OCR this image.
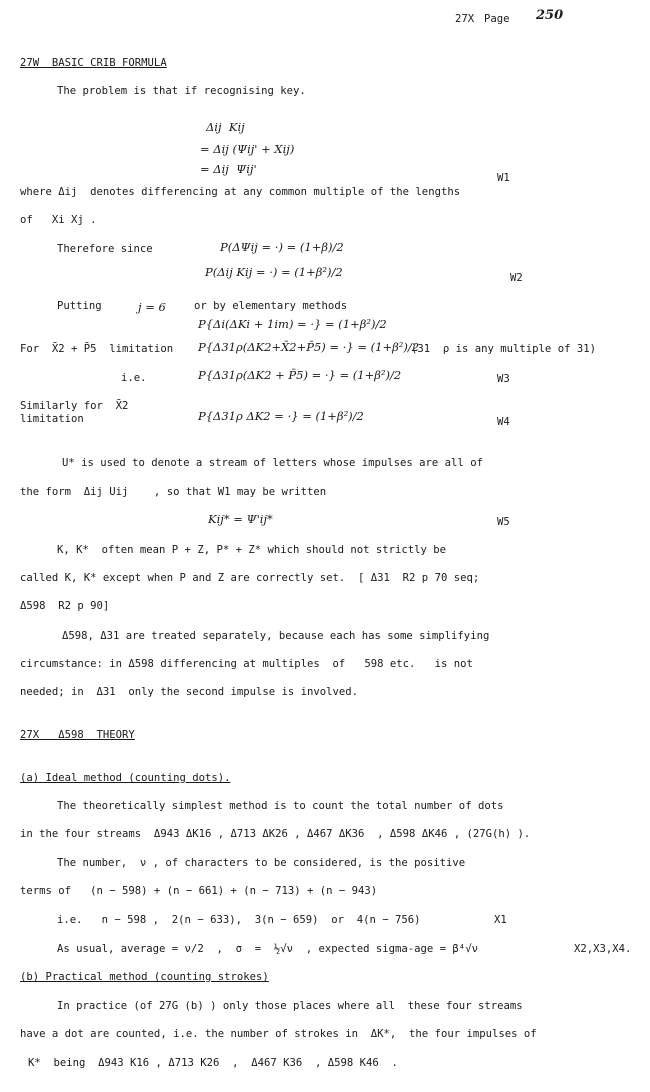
27X Page 250
27W  BASIC CRIB FORMULA
The problem is that if recognising key.
Δij  Kij
= Δij (Ψij' + Χij)
= Δij  Ψij'
W1
where Δij  denotes differencing at any common multiple of the lengths
of   Χi Χj .
Therefore since	P(ΔΨij = ·) = (1+β)/2
P(Δij Kij = ·) = (1+β²)/2	W2
Putting	j = 6	or by elementary methods
P{Δi(ΔKi + 1im) = ·} = (1+β²)/2
For  X̄2 + P̄5  limitation P{Δ31ρ(ΔK2+X̄2+P̄5) = ·} = (1+β²)/2
(31  ρ is any multiple of 31)
i.e.	P{Δ31ρ(ΔK2 + P̄5) = ·} = (1+β²)/2	W3
Similarly for  X̄2
limitation	P{Δ31ρ ΔK2 = ·} = (1+β²)/2	W4
U* is used to denote a stream of letters whose impulses are all of
the form  Δij Uij    , so that W1 may be written
Kij* = Ψ'ij*	W5
K, K*  often mean P + Z, P* + Z* which should not strictly be
called K, K* except when P and Z are correctly set.  [ Δ31  R2 p 70 seq;
Δ598  R2 p 90]
Δ598, Δ31 are treated separately, because each has some simplifying
circumstance: in Δ598 differencing at multiples  of   598 etc.   is not
needed; in  Δ31  only the second impulse is involved.
27X   Δ598  THEORY
(a) Ideal method (counting dots).
The theoretically simplest method is to count the total number of dots
in the four streams  Δ943 ΔK16 , Δ713 ΔK26 , Δ467 ΔK36  , Δ598 ΔK46 , (27G(h) ).
The number,  ν , of characters to be considered, is the positive
terms of   (n − 598) + (n − 661) + (n − 713) + (n − 943)
i.e.   n − 598 ,  2(n − 633),  3(n − 659)  or  4(n − 756)	X1
As usual, average = ν/2  ,  σ  =  ½√ν  , expected sigma-age = β⁴√ν	X2,X3,X4.
(b) Practical method (counting strokes)
In practice (of 27G (b) ) only those places where all  these four streams
have a dot are counted, i.e. the number of strokes in  ΔK*,  the four impulses of
K*  being  Δ943 K16 , Δ713 K26  ,  Δ467 K36  , Δ598 K46  .
